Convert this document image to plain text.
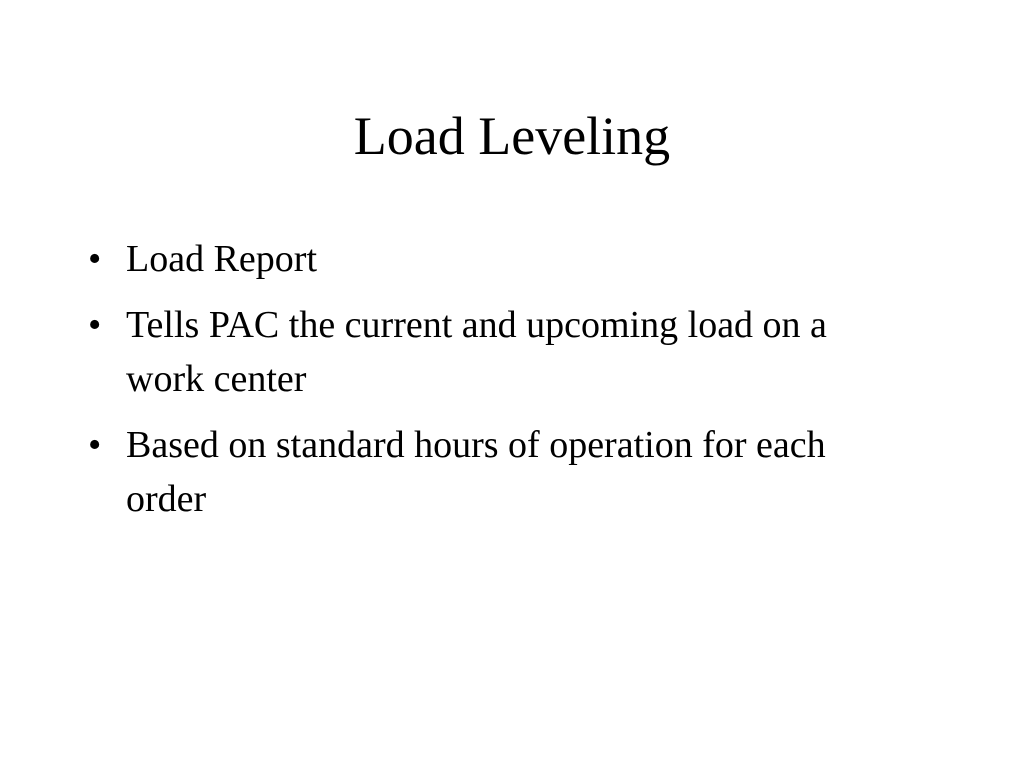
Load Leveling
• Load Report
• Tells PAC the current and upcoming load on a work center
• Based on standard hours of operation for each order
